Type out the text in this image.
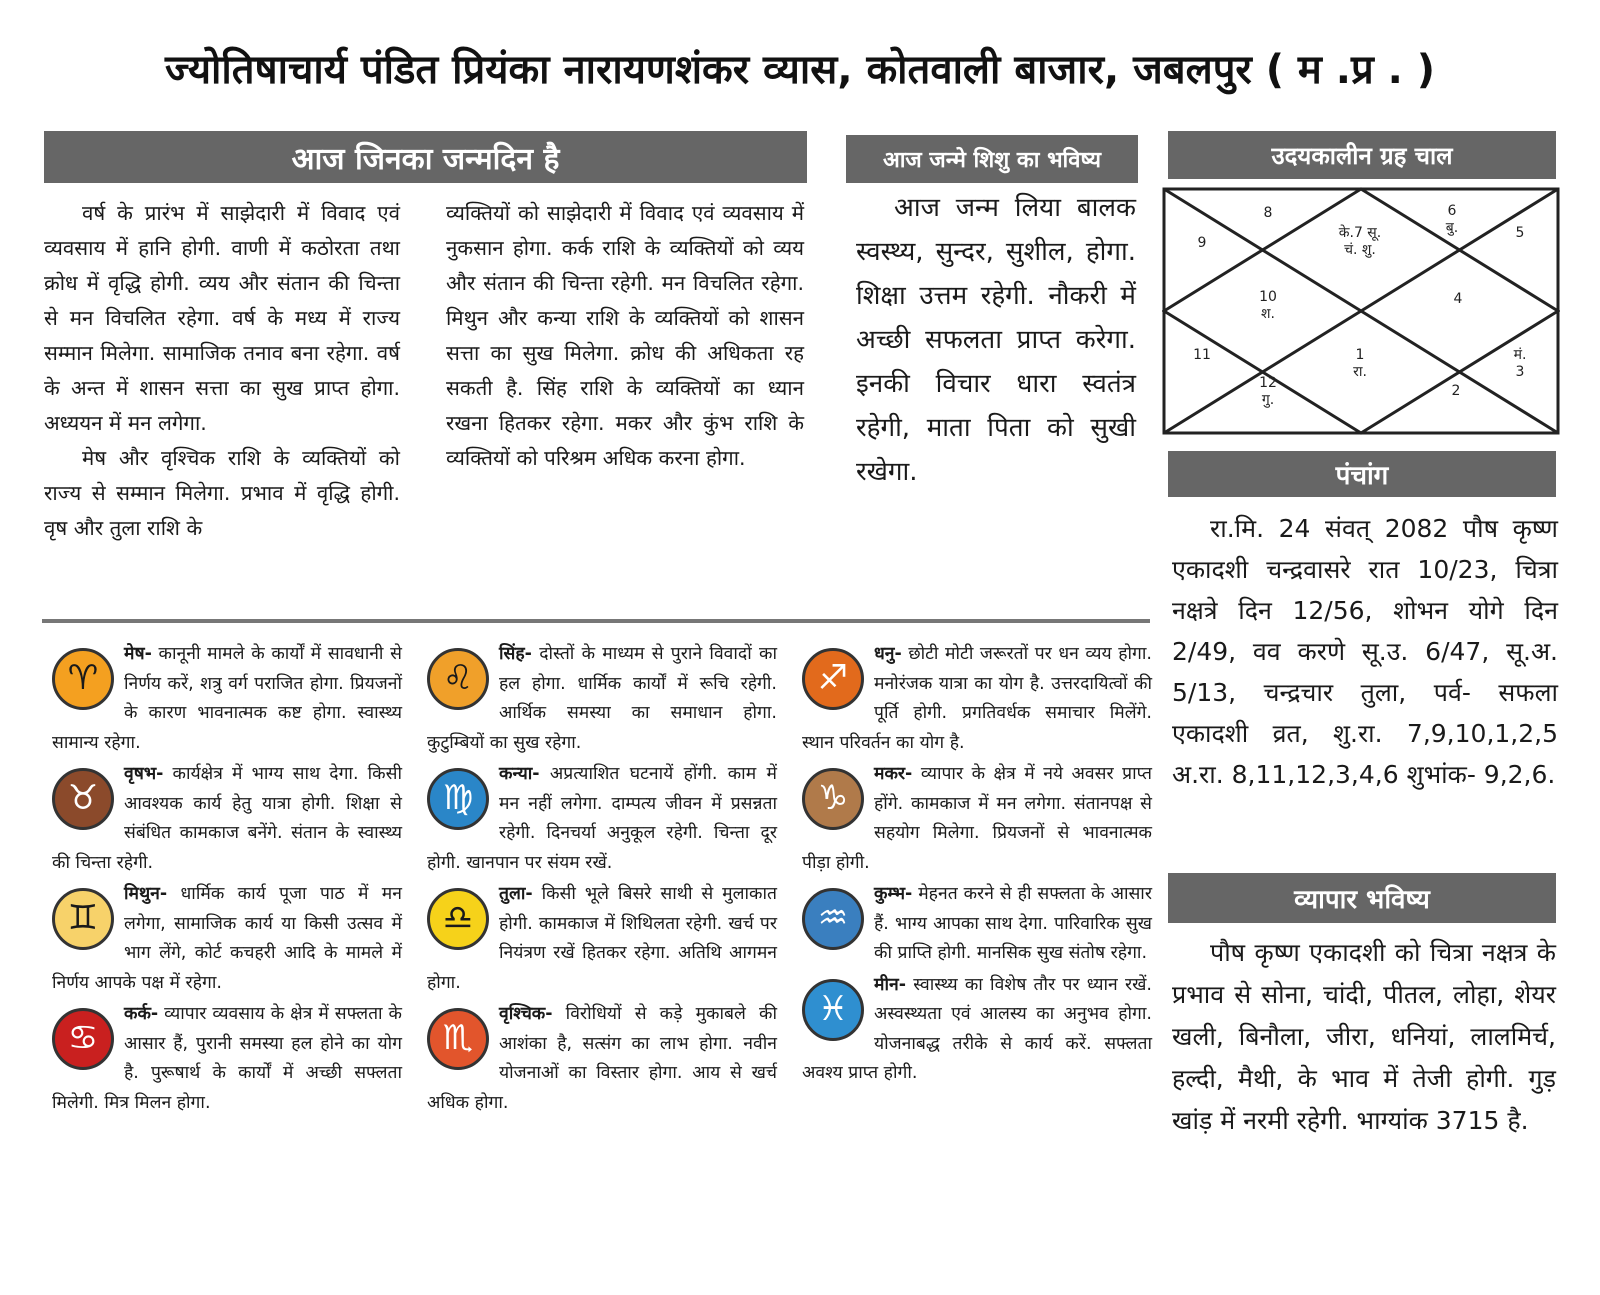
ज्योतिषाचार्य पंडित प्रियंका नारायणशंकर व्यास, कोतवाली बाजार, जबलपुर ( म .प्र . )
आज जिनका जन्मदिन है

वर्ष के प्रारंभ में साझेदारी में विवाद एवं व्यवसाय में हानि होगी. वाणी में कठोरता तथा क्रोध में वृद्धि होगी. व्यय और संतान की चिन्ता से मन विचलित रहेगा. वर्ष के मध्य में राज्य सम्मान मिलेगा. सामाजिक तनाव बना रहेगा. वर्ष के अन्त में शासन सत्ता का सुख प्राप्त होगा. अध्ययन में मन लगेगा.

मेष और वृश्चिक राशि के व्यक्तियों को राज्य से सम्मान मिलेगा. प्रभाव में वृद्धि होगी. वृष और तुला राशि के

व्यक्तियों को साझेदारी में विवाद एवं व्यवसाय में नुकसान होगा. कर्क राशि के व्यक्तियों को व्यय और संतान की चिन्ता रहेगी. मन विचलित रहेगा. मिथुन और कन्या राशि के व्यक्तियों को शासन सत्ता का सुख मिलेगा. क्रोध की अधिकता रह सकती है. सिंह राशि के व्यक्तियों का ध्यान रखना हितकर रहेगा. मकर और कुंभ राशि के व्यक्तियों को परिश्रम अधिक करना होगा.

आज जन्मे शिशु का भविष्य

आज जन्म लिया बालक स्वस्थ्य, सुन्दर, सुशील, होगा. शिक्षा उत्तम रहेगी. नौकरी में अच्छी सफलता प्राप्त करेगा. इनकी विचार धारा स्वतंत्र रहेगी, माता पिता को सुखी रखेगा.

उदयकालीन ग्रह चाल
8
9
के.7 सू.
चं. शु.
6
बु.	5
10
श.
4
11	1
रा.
मं.
3
12
गु.
2
पंचांग

रा.मि. 24 संवत् 2082 पौष कृष्ण एकादशी चन्द्रवासरे रात 10/23, चित्रा नक्षत्रे दिन 12/56, शोभन योगे दिन 2/49, वव करणे सू.उ. 6/47, सू.अ. 5/13, चन्द्रचार तुला, पर्व- सफला एकादशी व्रत, शु.रा. 7,9,10,1,2,5 अ.रा. 8,11,12,3,4,6 शुभांक- 9,2,6.

व्यापार भविष्य

पौष कृष्ण एकादशी को चित्रा नक्षत्र के प्रभाव से सोना, चांदी, पीतल, लोहा, शेयर खली, बिनौला, जीरा, धनियां, लालमिर्च, हल्दी, मैथी, के भाव में तेजी होगी. गुड़ खांड़ में नरमी रहेगी. भाग्यांक 3715 है.

मेष-
♈
कानूनी मामले के कार्यों में सावधानी से निर्णय करें, शत्रु वर्ग पराजित होगा. प्रियजनों के कारण भावनात्मक कष्ट होगा. स्वास्थ्य सामान्य रहेगा.
वृषभ-
♉
कार्यक्षेत्र में भाग्य साथ देगा. किसी आवश्यक कार्य हेतु यात्रा होगी. शिक्षा से संबंधित कामकाज बनेंगे. संतान के स्वास्थ्य की चिन्ता रहेगी.
मिथुन-
♊
धार्मिक कार्य पूजा पाठ में मन लगेगा, सामाजिक कार्य या किसी उत्सव में भाग लेंगे, कोर्ट कचहरी आदि के मामले में निर्णय आपके पक्ष में रहेगा.
कर्क-
♋
व्यापार व्यवसाय के क्षेत्र में सफ्लता के आसार हैं, पुरानी समस्या हल होने का योग है. पुरूषार्थ के कार्यों में अच्छी सफ्लता मिलेगी. मित्र मिलन होगा.
सिंह-
♌
दोस्तों के माध्यम से पुराने विवादों का हल होगा. धार्मिक कार्यों में रूचि रहेगी. आर्थिक समस्या का समाधान होगा. कुटुम्बियों का सुख रहेगा.
कन्या-
♍
अप्रत्याशित घटनायें होंगी. काम में मन नहीं लगेगा. दाम्पत्य जीवन में प्रसन्नता रहेगी. दिनचर्या अनुकूल रहेगी. चिन्ता दूर होगी. खानपान पर संयम रखें.
तुला-
♎
किसी भूले बिसरे साथी से मुलाकात होगी. कामकाज में शिथिलता रहेगी. खर्च पर नियंत्रण रखें हितकर रहेगा. अतिथि आगमन होगा.
वृश्चिक-
♏
विरोधियों से कड़े मुकाबले की आशंका है, सत्संग का लाभ होगा. नवीन योजनाओं का विस्तार होगा. आय से खर्च अधिक होगा.
धनु-
♐
छोटी मोटी जरूरतों पर धन व्यय होगा. मनोरंजक यात्रा का योग है. उत्तरदायित्वों की पूर्ति होगी. प्रगतिवर्धक समाचार मिलेंगे. स्थान परिवर्तन का योग है.
मकर-
♑
व्यापार के क्षेत्र में नये अवसर प्राप्त होंगे. कामकाज में मन लगेगा. संतानपक्ष से सहयोग मिलेगा. प्रियजनों से भावनात्मक पीड़ा होगी.
कुम्भ-
♒
मेहनत करने से ही सफ्लता के आसार हैं. भाग्य आपका साथ देगा. पारिवारिक सुख की प्राप्ति होगी. मानसिक सुख संतोष रहेगा.
मीन-
♓
स्वास्थ्य का विशेष तौर पर ध्यान रखें. अस्वस्थ्यता एवं आलस्य का अनुभव होगा. योजनाबद्ध तरीके से कार्य करें. सफ्लता अवश्य प्राप्त होगी.
